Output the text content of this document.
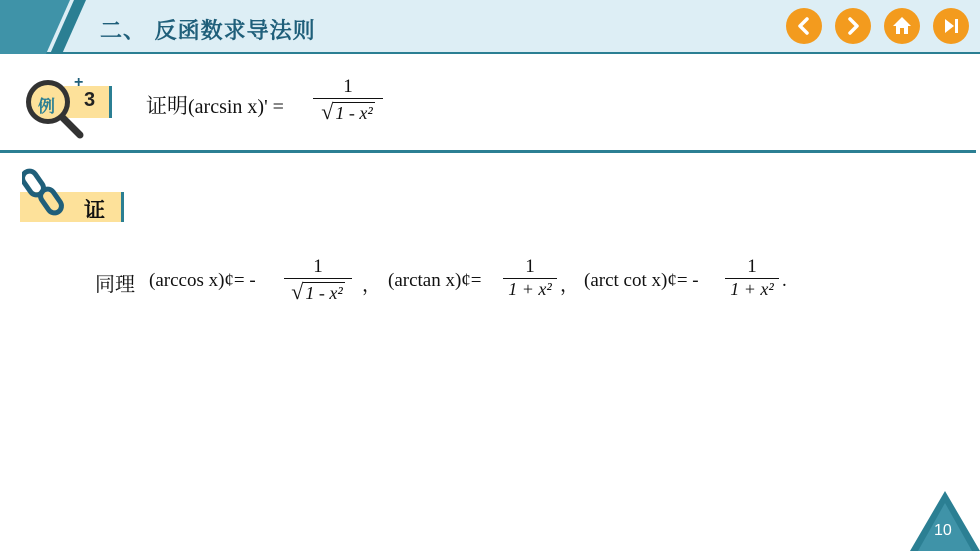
二、 反函数求导法则
+
例 3 证明(arcsin x)' =
1
√ 1 - x²
证
同理 (arccos x)¢= -
1
√ 1 - x²	， (arctan x)¢=
1
1 + x² ， (arct cot x)¢= -
1
1 + x² .
10
